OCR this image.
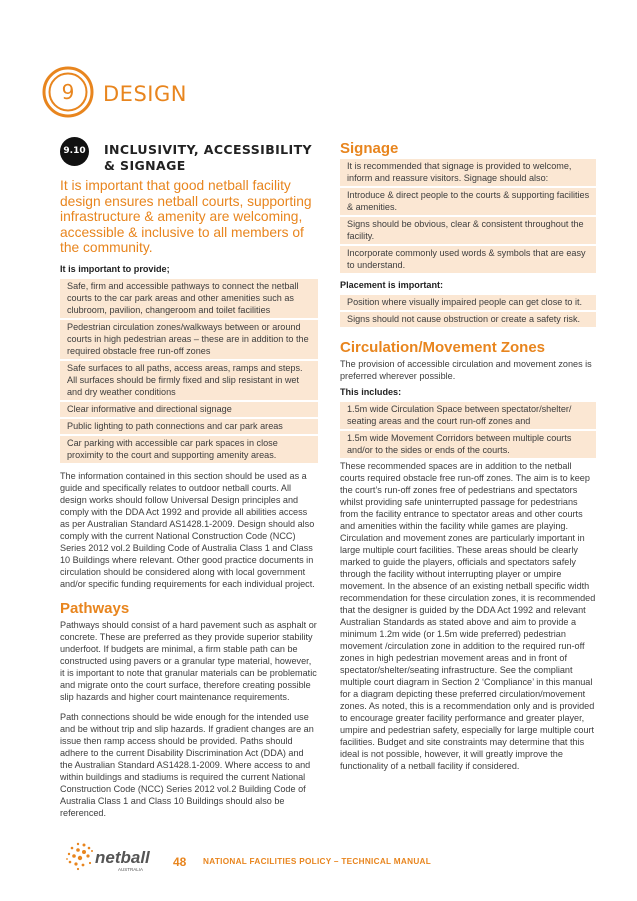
9 DESIGN
9.10 INCLUSIVITY, ACCESSIBILITY & SIGNAGE
It is important that good netball facility design ensures netball courts, supporting infrastructure & amenity are welcoming, accessible & inclusive to all members of the community.

It is important to provide;

Safe, firm and accessible pathways to connect the netball courts to the car park areas and other amenities such as clubroom, pavilion, changeroom and toilet facilities
Pedestrian circulation zones/walkways between or around courts in high pedestrian areas – these are in addition to the required obstacle free run-off zones
Safe surfaces to all paths, access areas, ramps and steps. All surfaces should be firmly fixed and slip resistant in wet and dry weather conditions
Clear informative and directional signage
Public lighting to path connections and car park areas
Car parking with accessible car park spaces in close proximity to the court and supporting amenity areas.

The information contained in this section should be used as a guide and specifically relates to outdoor netball courts. All design works should follow Universal Design principles and comply with the DDA Act 1992 and provide all abilities access as per Australian Standard AS1428.1-2009. Design should also comply with the current National Construction Code (NCC) Series 2012 vol.2 Building Code of Australia Class 1 and Class 10 Buildings where relevant. Other good practice documents in circulation should be considered along with local government and/or specific funding requirements for each individual project.

Pathways

Pathways should consist of a hard pavement such as asphalt or concrete. These are preferred as they provide superior stability underfoot. If budgets are minimal, a firm stable path can be constructed using pavers or a granular type material, however, it is important to note that granular materials can be problematic and migrate onto the court surface, therefore creating possible slip hazards and higher court maintenance requirements.

Path connections should be wide enough for the intended use and be without trip and slip hazards. If gradient changes are an issue then ramp access should be provided. Paths should adhere to the current Disability Discrimination Act (DDA) and the Australian Standard AS1428.1-2009. Where access to and within buildings and stadiums is required the current National Construction Code (NCC) Series 2012 vol.2 Building Code of Australia Class 1 and Class 10 Buildings should also be referenced.

Signage

It is recommended that signage is provided to welcome, inform and reassure visitors. Signage should also:
Introduce & direct people to the courts & supporting facilities & amenities.
Signs should be obvious, clear & consistent throughout the facility.
Incorporate commonly used words & symbols that are easy to understand.

Placement is important:

Position where visually impaired people can get close to it.
Signs should not cause obstruction or create a safety risk.

Circulation/Movement Zones

The provision of accessible circulation and movement zones is preferred wherever possible.

This includes:

1.5m wide Circulation Space between spectator/shelter/ seating areas and the court run-off zones and
1.5m wide Movement Corridors between multiple courts and/or to the sides or ends of the courts.

These recommended spaces are in addition to the netball courts required obstacle free run-off zones. The aim is to keep the court’s run-off zones free of pedestrians and spectators whilst providing safe uninterrupted passage for pedestrians from the facility entrance to spectator areas and other courts and amenities within the facility while games are playing. Circulation and movement zones are particularly important in large multiple court facilities. These areas should be clearly marked to guide the players, officials and spectators safely through the facility without interrupting player or umpire movement. In the absence of an existing netball specific width recommendation for these circulation zones, it is recommended that the designer is guided by the DDA Act 1992 and relevant Australian Standards as stated above and aim to provide a minimum 1.2m wide (or 1.5m wide preferred) pedestrian movement /circulation zone in addition to the required run-off zones in high pedestrian movement areas and in front of spectator/shelter/seating infrastructure. See the compliant multiple court diagram in Section 2 ‘Compliance’ in this manual for a diagram depicting these preferred circulation/movement zones. As noted, this is a recommendation only and is provided to encourage greater facility performance and greater player, umpire and pedestrian safety, especially for large multiple court facilities. Budget and site constraints may determine that this ideal is not possible, however, it will greatly improve the functionality of a netball facility if considered.

netball
AUSTRALIA
48 NATIONAL FACILITIES POLICY – TECHNICAL MANUAL
